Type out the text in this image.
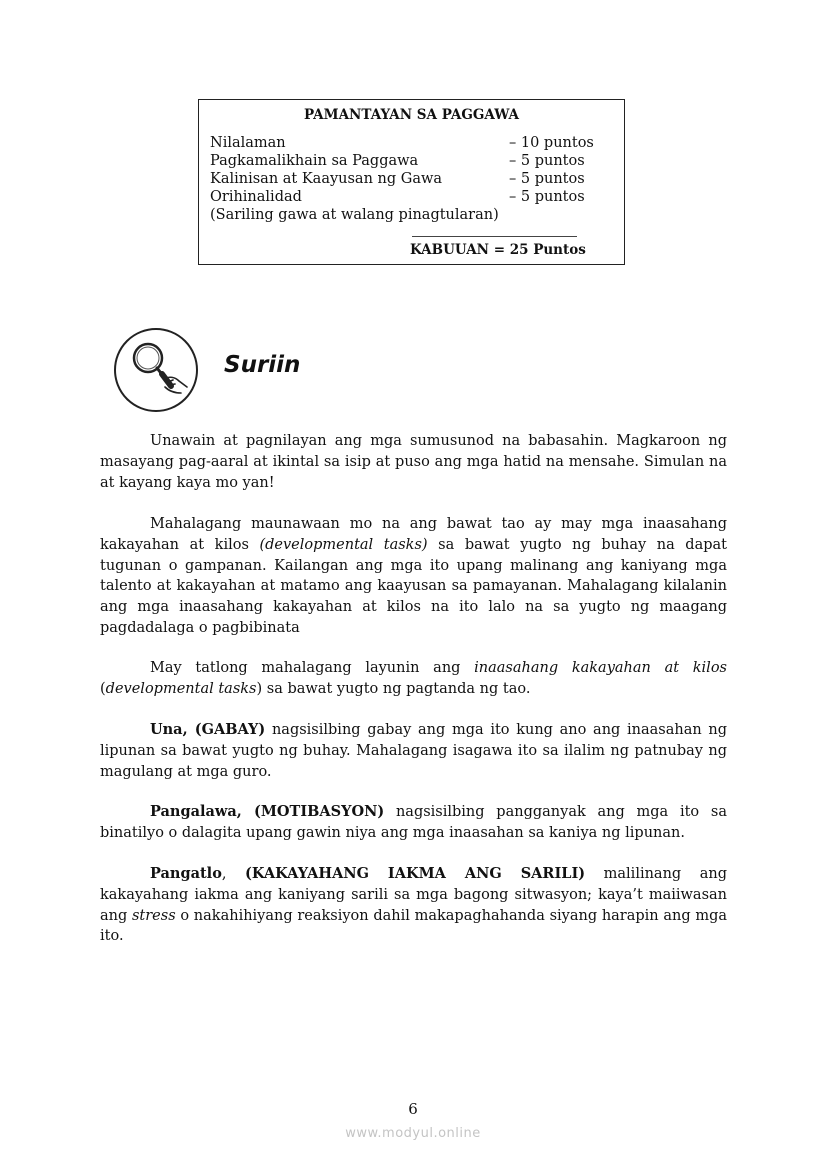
PAMANTAYAN SA PAGGAWA
Nilalaman	– 10 puntos
Pagkamalikhain sa Paggawa	– 5 puntos
Kalinisan at Kaayusan ng Gawa	– 5 puntos
Orihinalidad	– 5 puntos
(Sariling gawa at walang pinagtularan)
KABUUAN = 25 Puntos
Suriin

Unawain at pagnilayan ang mga sumusunod na babasahin. Magkaroon ng masayang pag-aaral at ikintal sa isip at puso ang mga hatid na mensahe. Simulan na at kayang kaya mo yan!

Mahalagang maunawaan mo na ang bawat tao ay may mga inaasahang kakayahan at kilos (developmental tasks) sa bawat yugto ng buhay na dapat tugunan o gampanan. Kailangan ang mga ito upang malinang ang kaniyang mga talento at kakayahan at matamo ang kaayusan sa pamayanan. Mahalagang kilalanin ang mga inaasahang kakayahan at kilos na ito lalo na sa yugto ng maagang pagdadalaga o pagbibinata

May tatlong mahalagang layunin ang inaasahang kakayahan at kilos (developmental tasks) sa bawat yugto ng pagtanda ng tao.

Una, (GABAY) nagsisilbing gabay ang mga ito kung ano ang inaasahan ng lipunan sa bawat yugto ng buhay. Mahalagang isagawa ito sa ilalim ng patnubay ng magulang at mga guro.

Pangalawa, (MOTIBASYON) nagsisilbing pangganyak ang mga ito sa binatilyo o dalagita upang gawin niya ang mga inaasahan sa kaniya ng lipunan.

Pangatlo, (KAKAYAHANG IAKMA ANG SARILI) malilinang ang kakayahang iakma ang kaniyang sarili sa mga bagong sitwasyon; kaya’t maiiwasan ang stress o nakahihiyang reaksiyon dahil makapaghahanda siyang harapin ang mga ito.

6
www.modyul.online
